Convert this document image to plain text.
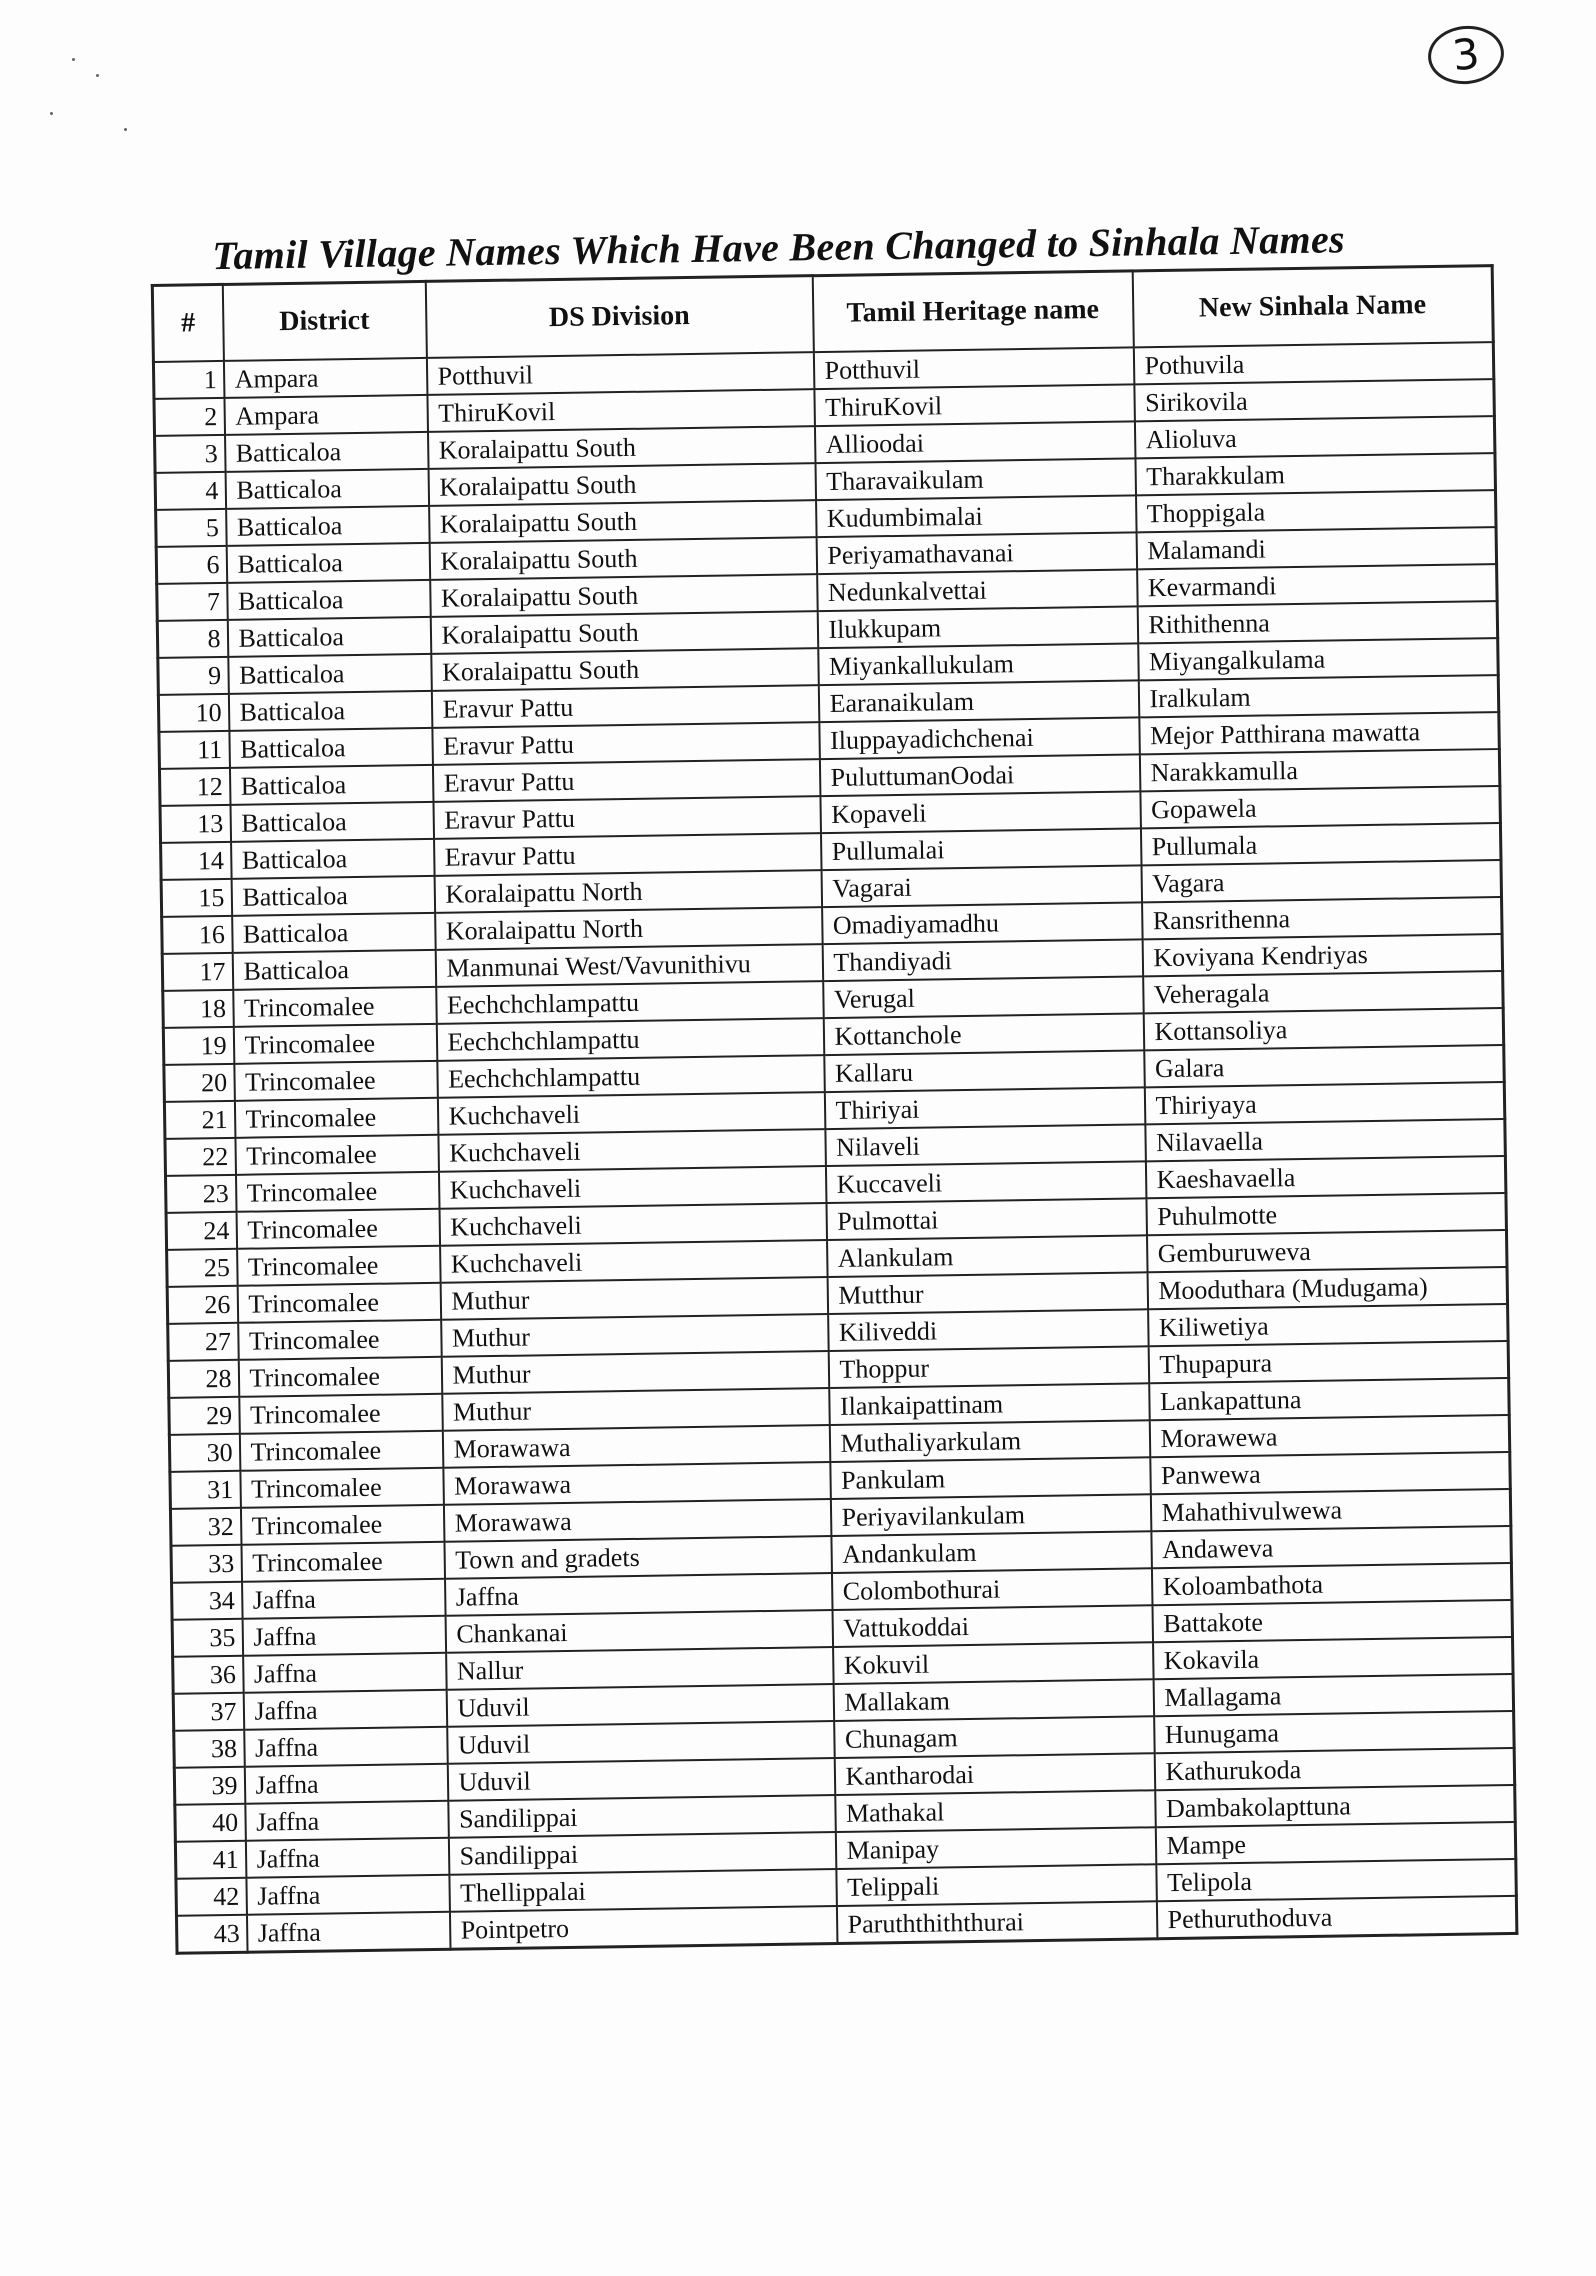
3
Tamil Village Names Which Have Been Changed to Sinhala Names
#	District	DS Division	Tamil Heritage name	New Sinhala Name
1	Ampara	Potthuvil	Potthuvil	Pothuvila
2	Ampara	ThiruKovil	ThiruKovil	Sirikovila
3	Batticaloa	Koralaipattu South	Allioodai	Alioluva
4	Batticaloa	Koralaipattu South	Tharavaikulam	Tharakkulam
5	Batticaloa	Koralaipattu South	Kudumbimalai	Thoppigala
6	Batticaloa	Koralaipattu South	Periyamathavanai	Malamandi
7	Batticaloa	Koralaipattu South	Nedunkalvettai	Kevarmandi
8	Batticaloa	Koralaipattu South	Ilukkupam	Rithithenna
9	Batticaloa	Koralaipattu South	Miyankallukulam	Miyangalkulama
10	Batticaloa	Eravur Pattu	Earanaikulam	Iralkulam
11	Batticaloa	Eravur Pattu	Iluppayadichchenai	Mejor Patthirana mawatta
12	Batticaloa	Eravur Pattu	PuluttumanOodai	Narakkamulla
13	Batticaloa	Eravur Pattu	Kopaveli	Gopawela
14	Batticaloa	Eravur Pattu	Pullumalai	Pullumala
15	Batticaloa	Koralaipattu North	Vagarai	Vagara
16	Batticaloa	Koralaipattu North	Omadiyamadhu	Ransrithenna
17	Batticaloa	Manmunai West/Vavunithivu	Thandiyadi	Koviyana Kendriyas
18	Trincomalee	Eechchchlampattu	Verugal	Veheragala
19	Trincomalee	Eechchchlampattu	Kottanchole	Kottansoliya
20	Trincomalee	Eechchchlampattu	Kallaru	Galara
21	Trincomalee	Kuchchaveli	Thiriyai	Thiriyaya
22	Trincomalee	Kuchchaveli	Nilaveli	Nilavaella
23	Trincomalee	Kuchchaveli	Kuccaveli	Kaeshavaella
24	Trincomalee	Kuchchaveli	Pulmottai	Puhulmotte
25	Trincomalee	Kuchchaveli	Alankulam	Gemburuweva
26	Trincomalee	Muthur	Mutthur	Mooduthara (Mudugama)
27	Trincomalee	Muthur	Kiliveddi	Kiliwetiya
28	Trincomalee	Muthur	Thoppur	Thupapura
29	Trincomalee	Muthur	Ilankaipattinam	Lankapattuna
30	Trincomalee	Morawawa	Muthaliyarkulam	Morawewa
31	Trincomalee	Morawawa	Pankulam	Panwewa
32	Trincomalee	Morawawa	Periyavilankulam	Mahathivulwewa
33	Trincomalee	Town and gradets	Andankulam	Andaweva
34	Jaffna	Jaffna	Colombothurai	Koloambathota
35	Jaffna	Chankanai	Vattukoddai	Battakote
36	Jaffna	Nallur	Kokuvil	Kokavila
37	Jaffna	Uduvil	Mallakam	Mallagama
38	Jaffna	Uduvil	Chunagam	Hunugama
39	Jaffna	Uduvil	Kantharodai	Kathurukoda
40	Jaffna	Sandilippai	Mathakal	Dambakolapttuna
41	Jaffna	Sandilippai	Manipay	Mampe
42	Jaffna	Thellippalai	Telippali	Telipola
43	Jaffna	Pointpetro	Paruththiththurai	Pethuruthoduva
